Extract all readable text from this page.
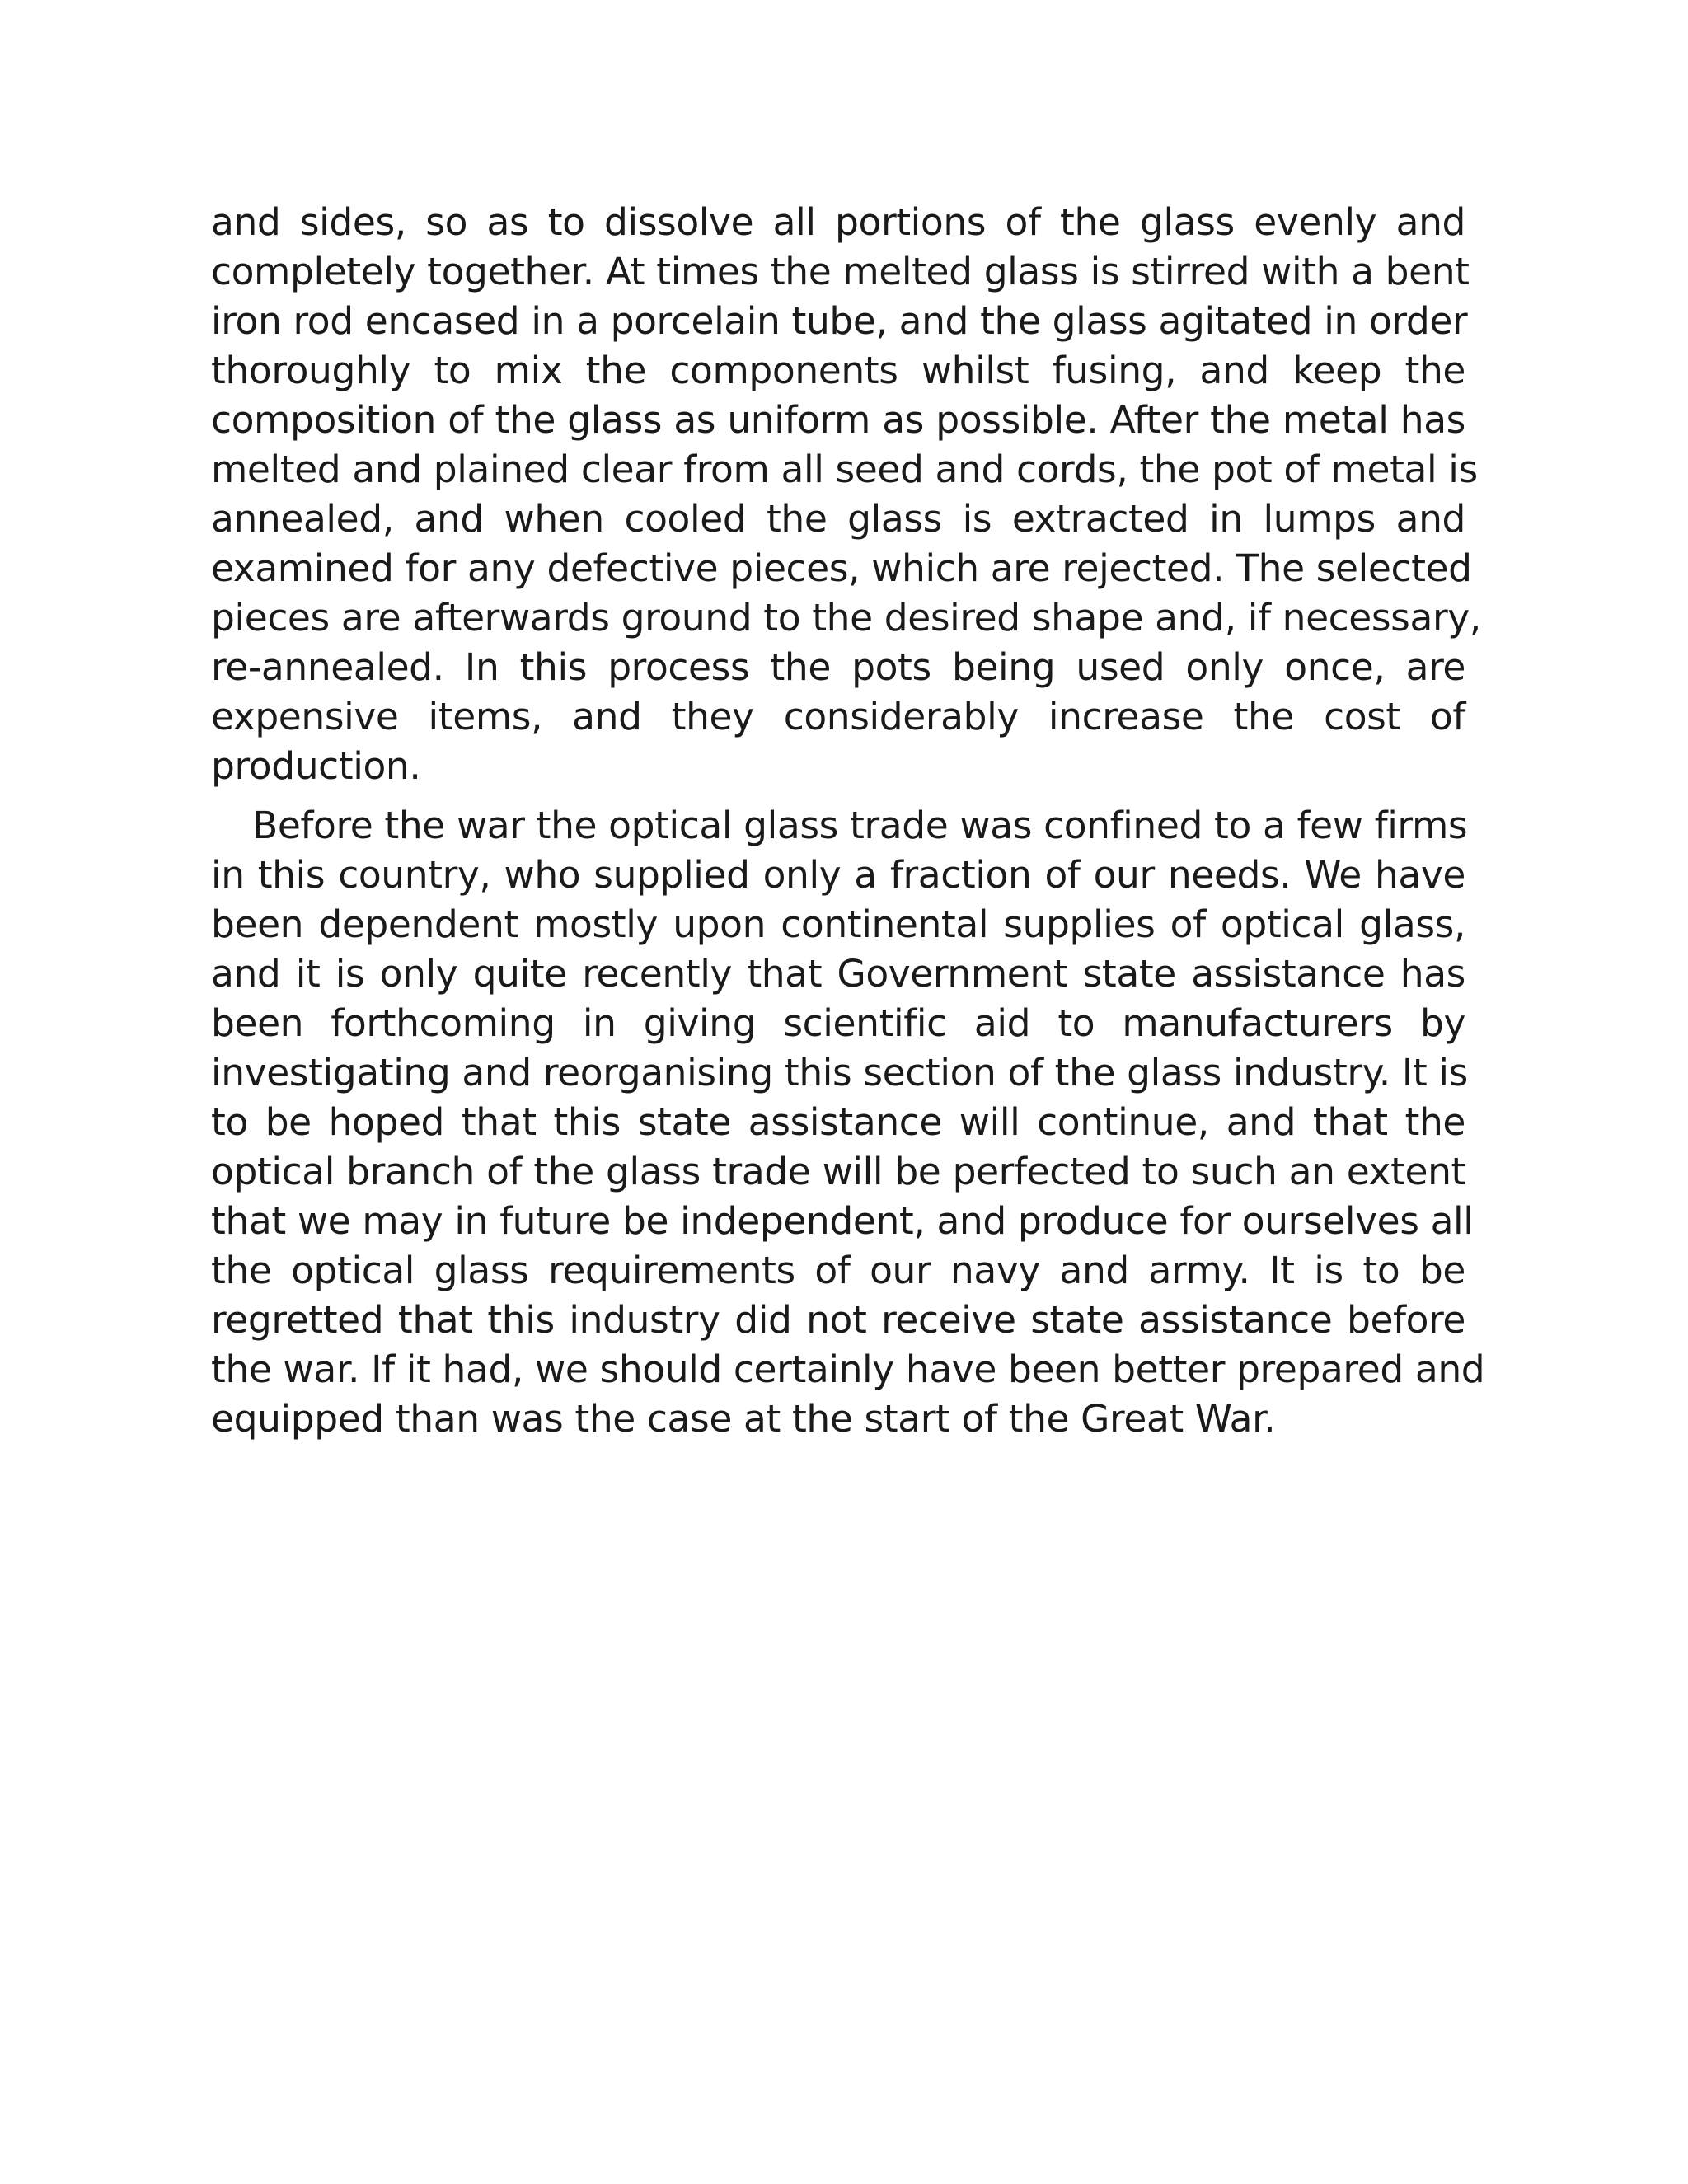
and sides, so as to dissolve all portions of the glass evenly and
completely together. At times the melted glass is stirred with a bent
iron rod encased in a porcelain tube, and the glass agitated in order
thoroughly to mix the components whilst fusing, and keep the
composition of the glass as uniform as possible. After the metal has
melted and plained clear from all seed and cords, the pot of metal is
annealed, and when cooled the glass is extracted in lumps and
examined for any defective pieces, which are rejected. The selected
pieces are afterwards ground to the desired shape and, if necessary,
re-annealed. In this process the pots being used only once, are
expensive items, and they considerably increase the cost of
production.
Before the war the optical glass trade was confined to a few firms
in this country, who supplied only a fraction of our needs. We have
been dependent mostly upon continental supplies of optical glass,
and it is only quite recently that Government state assistance has
been forthcoming in giving scientific aid to manufacturers by
investigating and reorganising this section of the glass industry. It is
to be hoped that this state assistance will continue, and that the
optical branch of the glass trade will be perfected to such an extent
that we may in future be independent, and produce for ourselves all
the optical glass requirements of our navy and army. It is to be
regretted that this industry did not receive state assistance before
the war. If it had, we should certainly have been better prepared and
equipped than was the case at the start of the Great War.
